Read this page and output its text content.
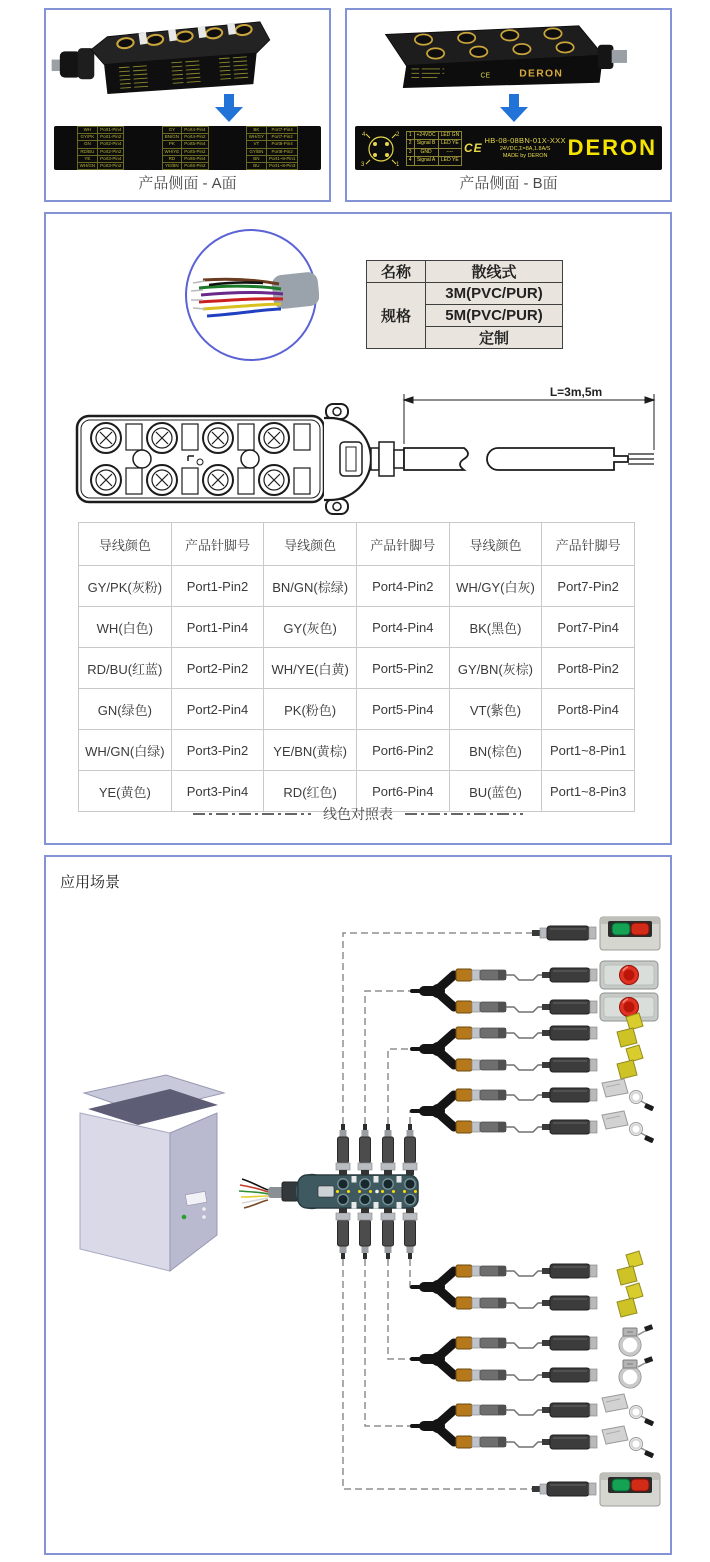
WH	Port1-Pin4
GY/PK	Port1-Pin2
GN	Port2-Pin4
RD/BU	Port2-Pin2
YE	Port3-Pin4
WH/GN	Port3-Pin2
GY	Port4-Pin4
BN/GN	Port4-Pin2
PK	Port5-Pin4
WH/YE	Port5-Pin2
RD	Port6-Pin4
YE/BN	Port6-Pin2
BK	Port7-Pin4
WH/GY	Port7-Pin2
VT	Port8-Pin4
GY/BN	Port8-Pin2
BN	Port1~8-Pin1
BU	Port1~8-Pin3
产品侧面 - A面
CE DERON
4	2
3	1
1	+24VDC	LED GN
2	Signal B	LED YE
3	GND	----
4	Signal A	LED YE
CE
HB-08-08BN-01X-XXX
24VDC,Σ=8A,1.8A/S
MADE by DERON DERON
产品侧面 - B面
名称	散线式
规格	3M(PVC/PUR)
	5M(PVC/PUR)
	定制
L=3m,5m
导线颜色	产品针脚号	导线颜色	产品针脚号	导线颜色	产品针脚号
GY/PK(灰粉)	Port1-Pin2	BN/GN(棕绿)	Port4-Pin2	WH/GY(白灰)	Port7-Pin2
WH(白色)	Port1-Pin4	GY(灰色)	Port4-Pin4	BK(黑色)	Port7-Pin4
RD/BU(红蓝)	Port2-Pin2	WH/YE(白黄)	Port5-Pin2	GY/BN(灰棕)	Port8-Pin2
GN(绿色)	Port2-Pin4	PK(粉色)	Port5-Pin4	VT(紫色)	Port8-Pin4
WH/GN(白绿)	Port3-Pin2	YE/BN(黄棕)	Port6-Pin2	BN(棕色)	Port1~8-Pin1
YE(黄色)	Port3-Pin4	RD(红色)	Port6-Pin4	BU(蓝色)	Port1~8-Pin3
线色对照表
应用场景
